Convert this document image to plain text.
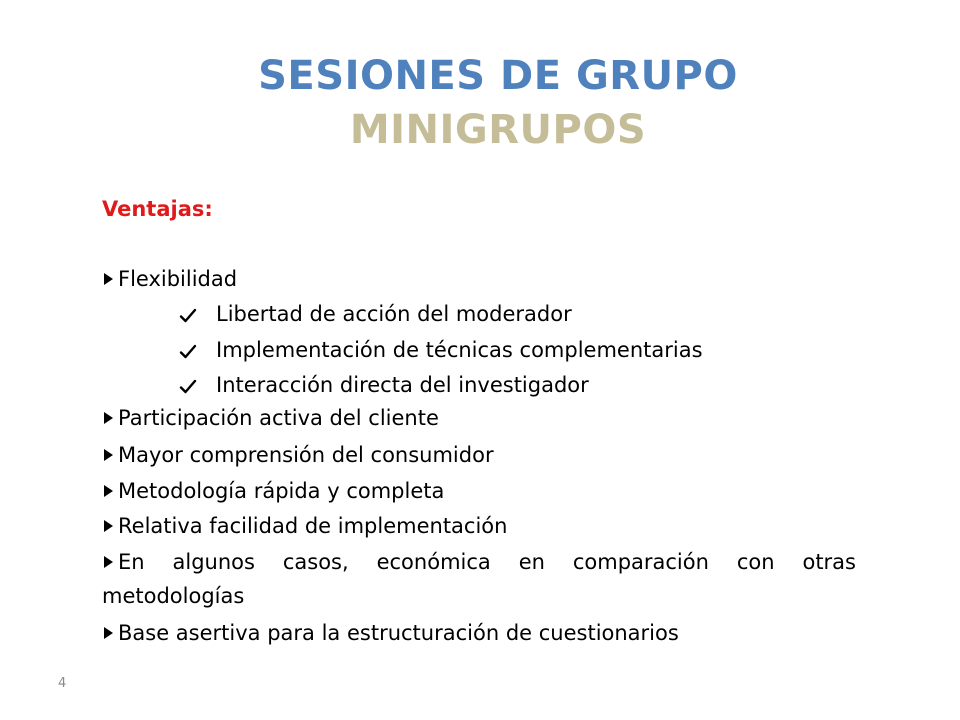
SESIONES DE GRUPO
MINIGRUPOS
Ventajas:
Flexibilidad
Libertad de acción del moderador
Implementación de técnicas complementarias
Interacción directa del investigador
Participación activa del cliente
Mayor comprensión del consumidor
Metodología rápida y completa
Relativa facilidad de implementación
En algunos casos, económica en comparación con otras
metodologías
Base asertiva para la estructuración de cuestionarios
4
